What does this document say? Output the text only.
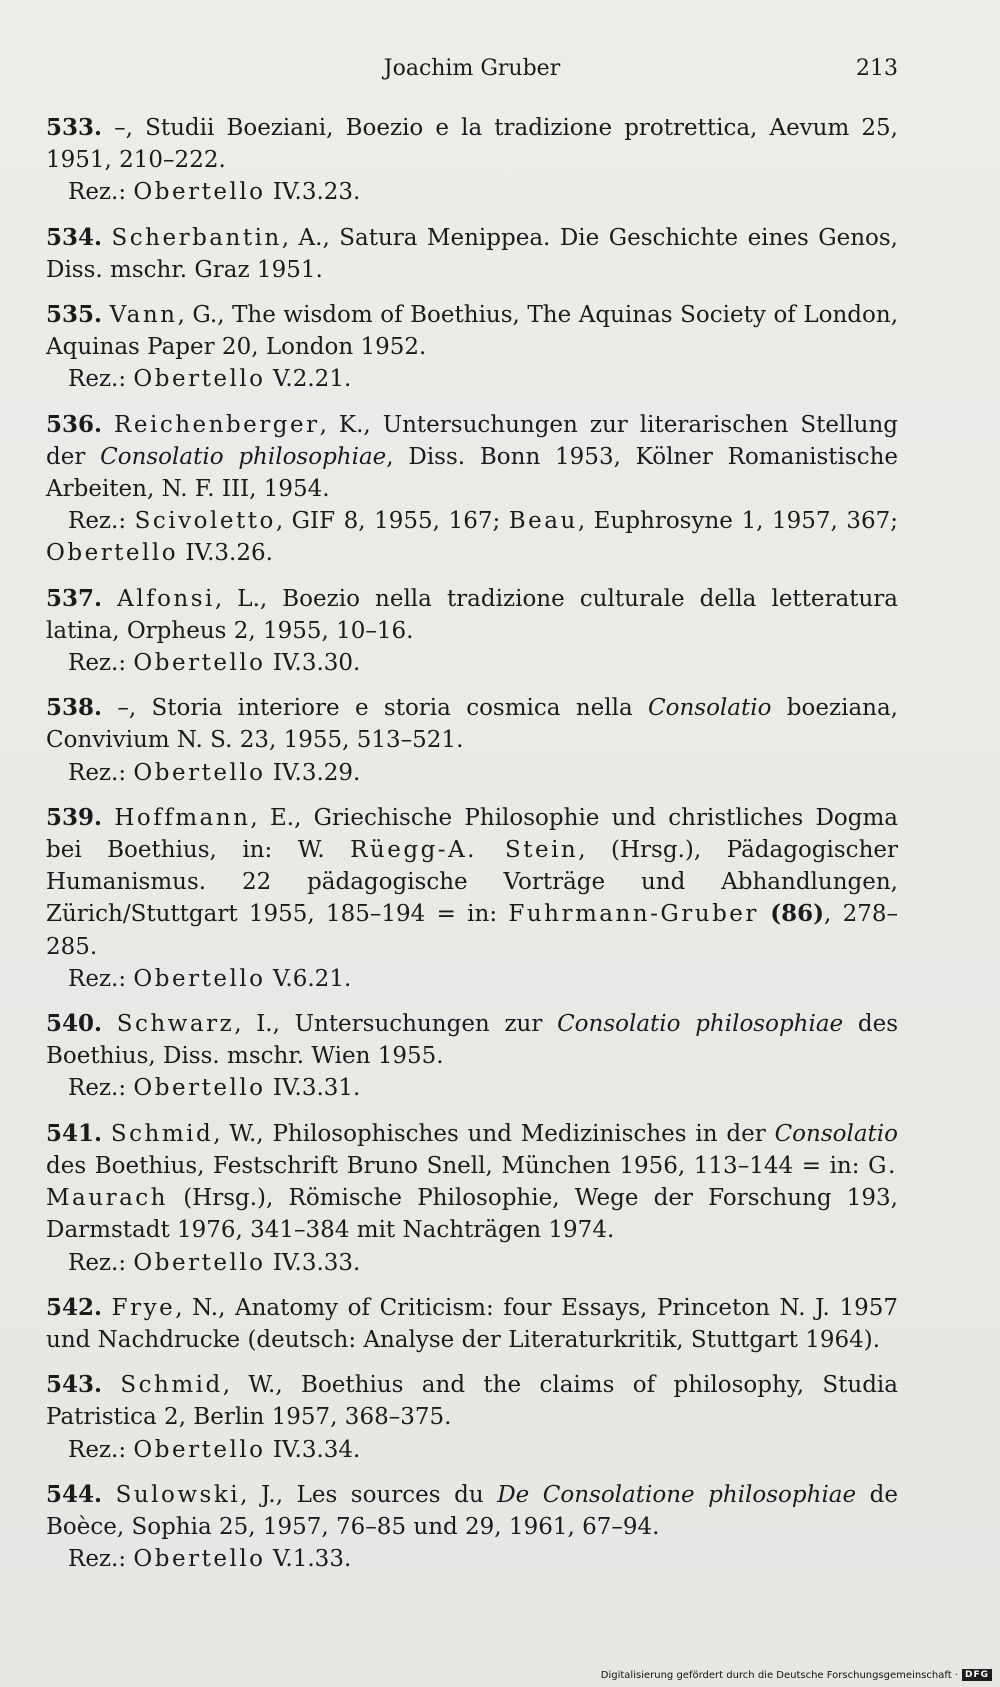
Joachim Gruber	213

533. –, Studii Boeziani, Boezio e la tradizione protrettica, Aevum 25, 1951, 210–222.

Rez.: Obertello IV.3.23.

534. Scherbantin, A., Satura Menippea. Die Geschichte eines Genos, Diss. mschr. Graz 1951.

535. Vann, G., The wisdom of Boethius, The Aquinas Society of London, Aquinas Paper 20, London 1952.

Rez.: Obertello V.2.21.

536. Reichenberger, K., Untersuchungen zur literarischen Stellung der Consolatio philosophiae, Diss. Bonn 1953, Kölner Romanistische Arbeiten, N. F. III, 1954.

Rez.: Scivoletto, GIF 8, 1955, 167; Beau, Euphrosyne 1, 1957, 367; Obertello IV.3.26.

537. Alfonsi, L., Boezio nella tradizione culturale della letteratura latina, Orpheus 2, 1955, 10–16.

Rez.: Obertello IV.3.30.

538. –, Storia interiore e storia cosmica nella Consolatio boeziana, Convivium N. S. 23, 1955, 513–521.

Rez.: Obertello IV.3.29.

539. Hoffmann, E., Griechische Philosophie und christliches Dogma bei Boethius, in: W. Rüegg-A. Stein, (Hrsg.), Pädagogischer Humanismus. 22 pädagogische Vorträge und Abhandlungen, Zürich/Stuttgart 1955, 185–194 = in: Fuhrmann-Gruber (86), 278–285.

Rez.: Obertello V.6.21.

540. Schwarz, I., Untersuchungen zur Consolatio philosophiae des Boethius, Diss. mschr. Wien 1955.

Rez.: Obertello IV.3.31.

541. Schmid, W., Philosophisches und Medizinisches in der Consolatio des Boethius, Festschrift Bruno Snell, München 1956, 113–144 = in: G. Maurach (Hrsg.), Römische Philosophie, Wege der Forschung 193, Darmstadt 1976, 341–384 mit Nachträgen 1974.

Rez.: Obertello IV.3.33.

542. Frye, N., Anatomy of Criticism: four Essays, Princeton N. J. 1957 und Nachdrucke (deutsch: Analyse der Literaturkritik, Stuttgart 1964).

543. Schmid, W., Boethius and the claims of philosophy, Studia Patristica 2, Berlin 1957, 368–375.

Rez.: Obertello IV.3.34.

544. Sulowski, J., Les sources du De Consolatione philosophiae de Boèce, Sophia 25, 1957, 76–85 und 29, 1961, 67–94.

Rez.: Obertello V.1.33.

Digitalisierung gefördert durch die Deutsche Forschungsgemeinschaft · DFG
